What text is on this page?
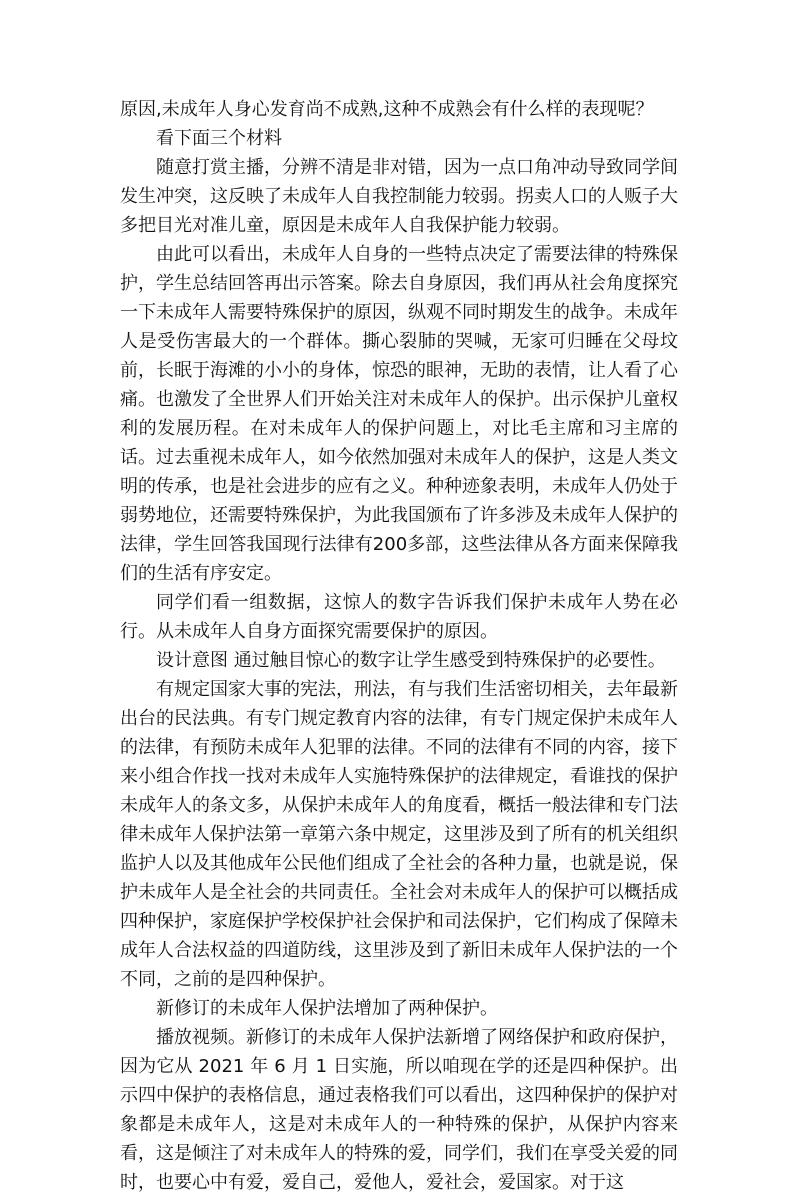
原因,未成年人身心发育尚不成熟,这种不成熟会有什么样的表现呢？

看下面三个材料

随意打赏主播，分辨不清是非对错，因为一点口角冲动导致同学间发生冲突，这反映了未成年人自我控制能力较弱。拐卖人口的人贩子大多把目光对准儿童，原因是未成年人自我保护能力较弱。

由此可以看出，未成年人自身的一些特点决定了需要法律的特殊保护，学生总结回答再出示答案。除去自身原因，我们再从社会角度探究一下未成年人需要特殊保护的原因，纵观不同时期发生的战争。未成年人是受伤害最大的一个群体。撕心裂肺的哭喊，无家可归睡在父母坟前，长眠于海滩的小小的身体，惊恐的眼神，无助的表情，让人看了心痛。也激发了全世界人们开始关注对未成年人的保护。出示保护儿童权利的发展历程。在对未成年人的保护问题上，对比毛主席和习主席的话。过去重视未成年人，如今依然加强对未成年人的保护，这是人类文明的传承，也是社会进步的应有之义。种种迹象表明，未成年人仍处于弱势地位，还需要特殊保护，为此我国颁布了许多涉及未成年人保护的法律，学生回答我国现行法律有200多部，这些法律从各方面来保障我们的生活有序安定。

同学们看一组数据，这惊人的数字告诉我们保护未成年人势在必行。从未成年人自身方面探究需要保护的原因。

设计意图 通过触目惊心的数字让学生感受到特殊保护的必要性。

有规定国家大事的宪法，刑法，有与我们生活密切相关，去年最新出台的民法典。有专门规定教育内容的法律，有专门规定保护未成年人的法律，有预防未成年人犯罪的法律。不同的法律有不同的内容，接下来小组合作找一找对未成年人实施特殊保护的法律规定，看谁找的保护未成年人的条文多，从保护未成年人的角度看，概括一般法律和专门法律未成年人保护法第一章第六条中规定，这里涉及到了所有的机关组织监护人以及其他成年公民他们组成了全社会的各种力量，也就是说，保护未成年人是全社会的共同责任。全社会对未成年人的保护可以概括成四种保护，家庭保护学校保护社会保护和司法保护，它们构成了保障未成年人合法权益的四道防线，这里涉及到了新旧未成年人保护法的一个不同，之前的是四种保护。

新修订的未成年人保护法增加了两种保护。

播放视频。新修订的未成年人保护法新增了网络保护和政府保护，因为它从 2021 年 6 月 1 日实施，所以咱现在学的还是四种保护。出示四中保护的表格信息，通过表格我们可以看出，这四种保护的保护对象都是未成年人，这是对未成年人的一种特殊的保护，从保护内容来看，这是倾注了对未成年人的特殊的爱，同学们，我们在享受关爱的同时，也要心中有爱，爱自己，爱他人，爱社会，爱国家。对于这
